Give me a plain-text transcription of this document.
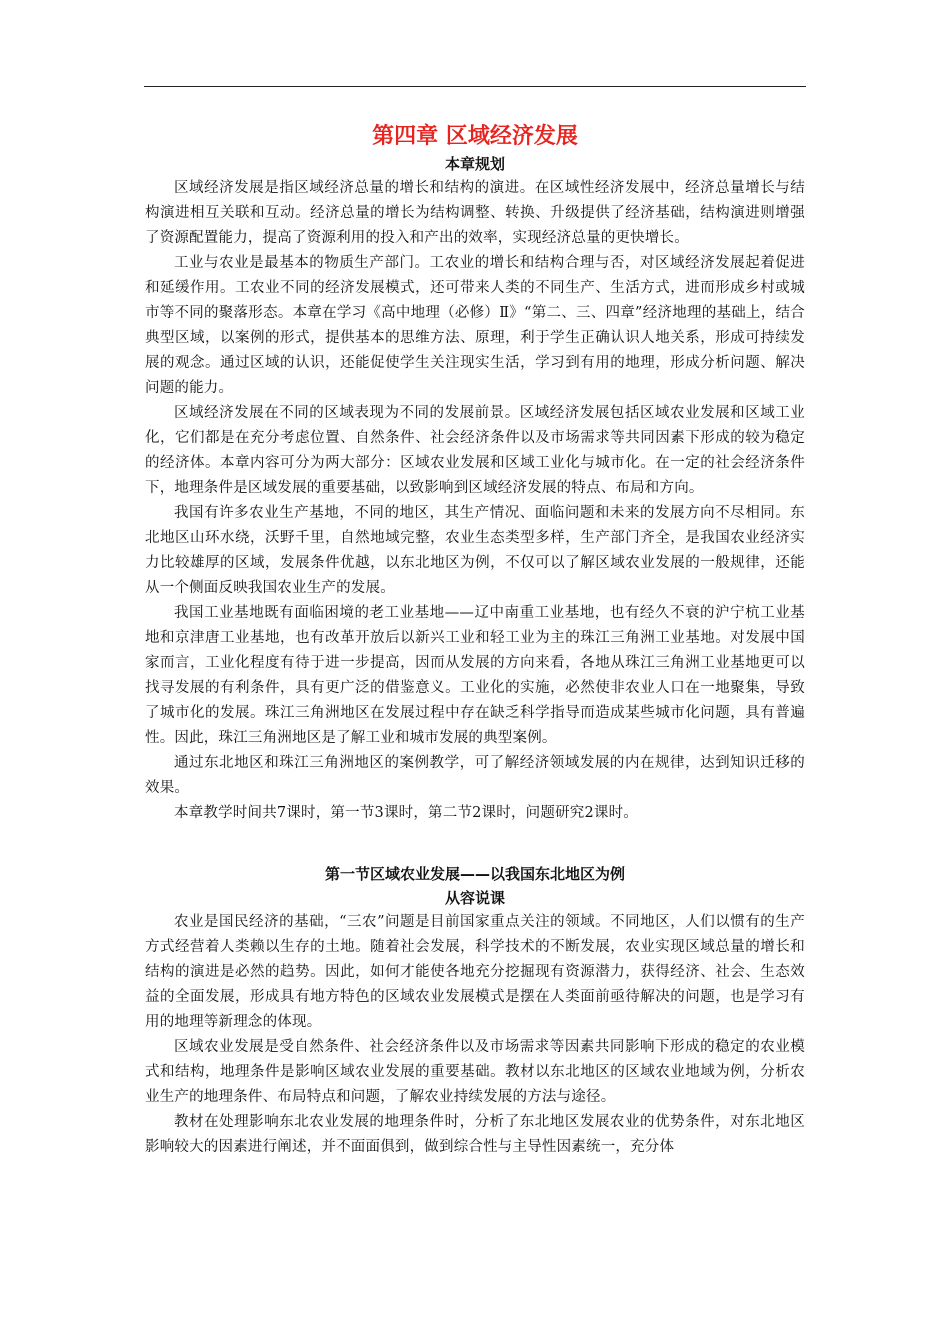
第四章 区域经济发展
本章规划

区域经济发展是指区域经济总量的增长和结构的演进。在区域性经济发展中，经济总量增长与结构演进相互关联和互动。经济总量的增长为结构调整、转换、升级提供了经济基础，结构演进则增强了资源配置能力，提高了资源利用的投入和产出的效率，实现经济总量的更快增长。

工业与农业是最基本的物质生产部门。工农业的增长和结构合理与否，对区域经济发展起着促进和延缓作用。工农业不同的经济发展模式，还可带来人类的不同生产、生活方式，进而形成乡村或城市等不同的聚落形态。本章在学习《高中地理（必修）Ⅱ》“第二、三、四章”经济地理的基础上，结合典型区域，以案例的形式，提供基本的思维方法、原理，利于学生正确认识人地关系，形成可持续发展的观念。通过区域的认识，还能促使学生关注现实生活，学习到有用的地理，形成分析问题、解决问题的能力。

区域经济发展在不同的区域表现为不同的发展前景。区域经济发展包括区域农业发展和区域工业化，它们都是在充分考虑位置、自然条件、社会经济条件以及市场需求等共同因素下形成的较为稳定的经济体。本章内容可分为两大部分：区域农业发展和区域工业化与城市化。在一定的社会经济条件下，地理条件是区域发展的重要基础，以致影响到区域经济发展的特点、布局和方向。

我国有许多农业生产基地，不同的地区，其生产情况、面临问题和未来的发展方向不尽相同。东北地区山环水绕，沃野千里，自然地域完整，农业生态类型多样，生产部门齐全，是我国农业经济实力比较雄厚的区域，发展条件优越，以东北地区为例，不仅可以了解区域农业发展的一般规律，还能从一个侧面反映我国农业生产的发展。

我国工业基地既有面临困境的老工业基地——辽中南重工业基地，也有经久不衰的沪宁杭工业基地和京津唐工业基地，也有改革开放后以新兴工业和轻工业为主的珠江三角洲工业基地。对发展中国家而言，工业化程度有待于进一步提高，因而从发展的方向来看，各地从珠江三角洲工业基地更可以找寻发展的有利条件，具有更广泛的借鉴意义。工业化的实施，必然使非农业人口在一地聚集，导致了城市化的发展。珠江三角洲地区在发展过程中存在缺乏科学指导而造成某些城市化问题，具有普遍性。因此，珠江三角洲地区是了解工业和城市发展的典型案例。

通过东北地区和珠江三角洲地区的案例教学，可了解经济领域发展的内在规律，达到知识迁移的效果。

本章教学时间共7课时，第一节3课时，第二节2课时，问题研究2课时。

第一节区域农业发展——以我国东北地区为例
从容说课

农业是国民经济的基础，“三农”问题是目前国家重点关注的领域。不同地区，人们以惯有的生产方式经营着人类赖以生存的土地。随着社会发展，科学技术的不断发展，农业实现区域总量的增长和结构的演进是必然的趋势。因此，如何才能使各地充分挖掘现有资源潜力，获得经济、社会、生态效益的全面发展，形成具有地方特色的区域农业发展模式是摆在人类面前亟待解决的问题，也是学习有用的地理等新理念的体现。

区域农业发展是受自然条件、社会经济条件以及市场需求等因素共同影响下形成的稳定的农业模式和结构，地理条件是影响区域农业发展的重要基础。教材以东北地区的区域农业地域为例，分析农业生产的地理条件、布局特点和问题，了解农业持续发展的方法与途径。

教材在处理影响东北农业发展的地理条件时，分析了东北地区发展农业的优势条件，对东北地区影响较大的因素进行阐述，并不面面俱到，做到综合性与主导性因素统一，充分体
